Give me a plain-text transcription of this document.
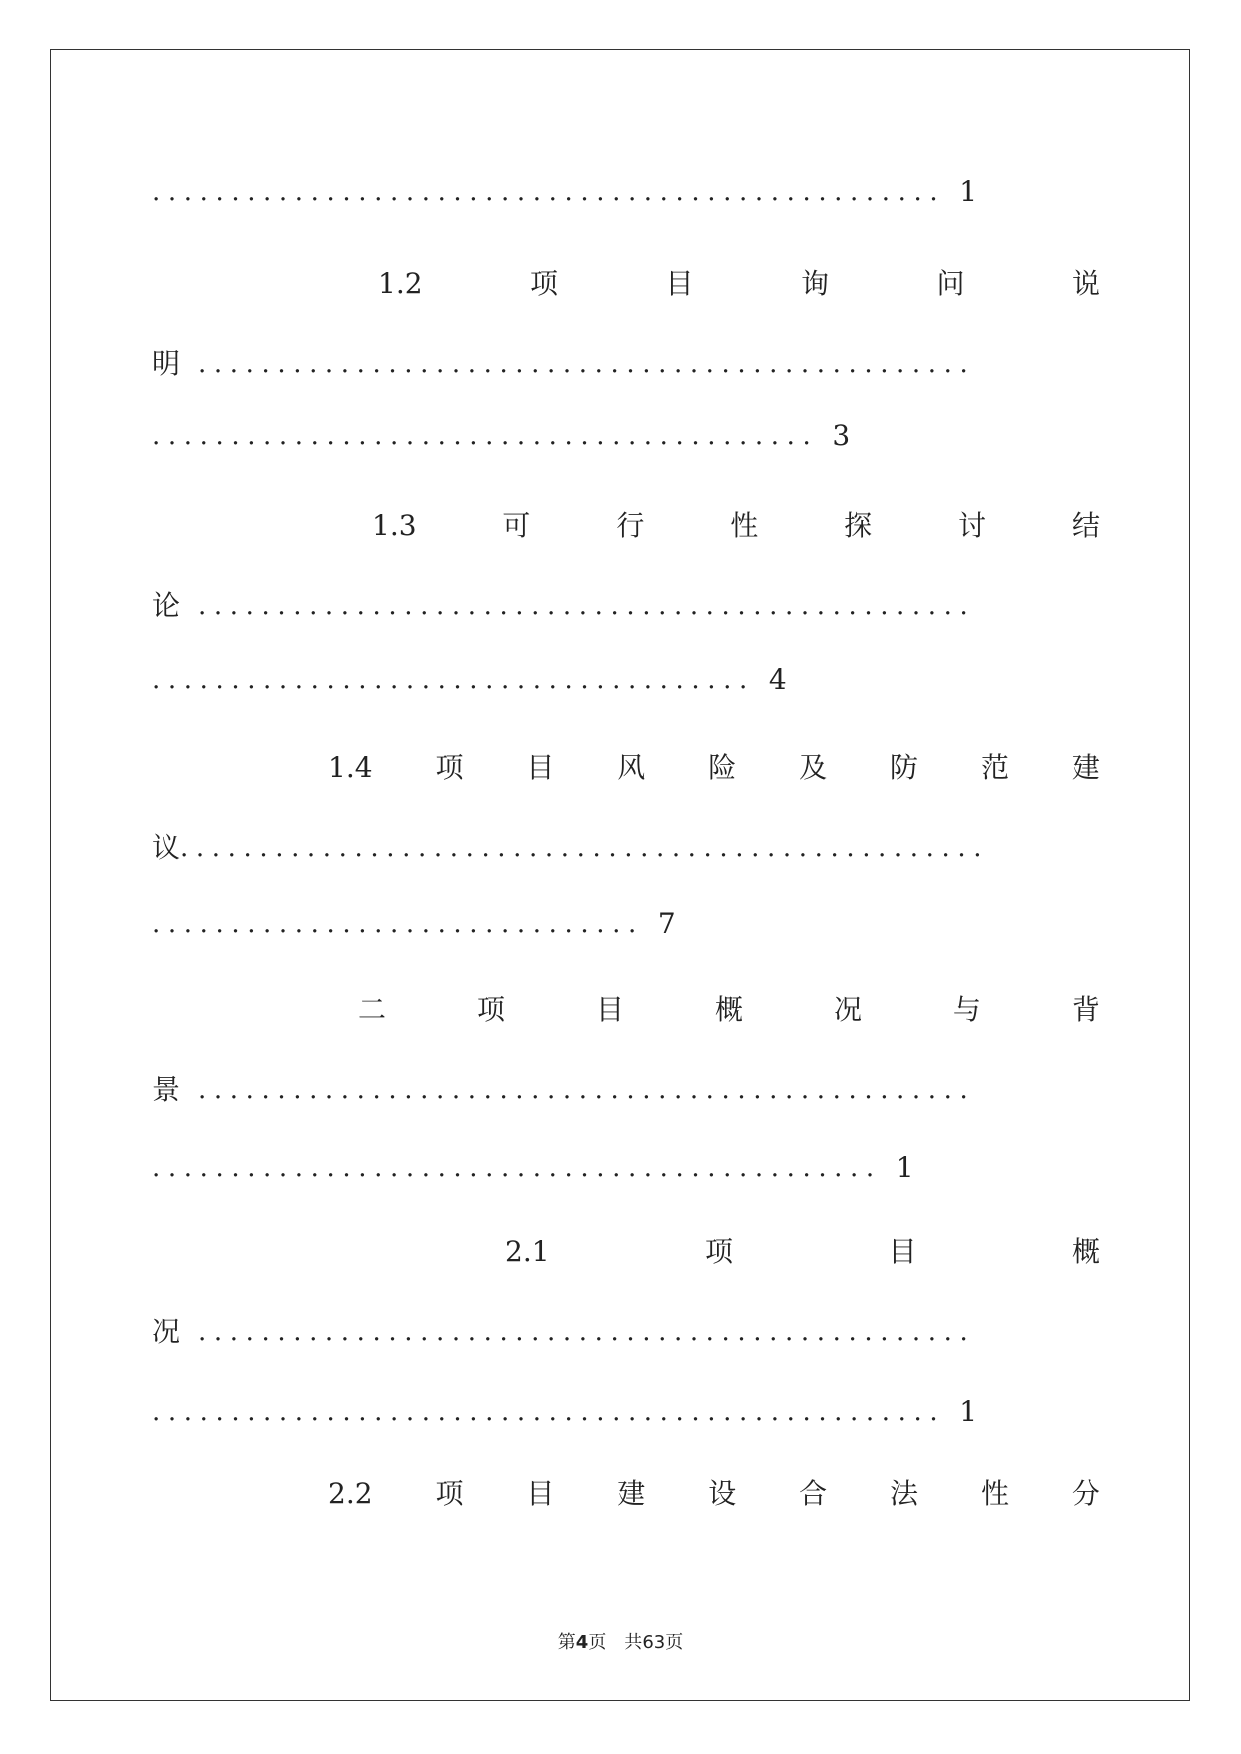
.................................................. 1
1.2	项	目	询	问	说
明 .................................................
.......................................... 3
1.3	可	行	性	探	讨	结
论 .................................................
...................................... 4
1.4 项 目 风 险 及 防 范 建
议 ...................................................
............................... 7
二	项	目	概	况	与	背
景 .................................................
.............................................. 1
2.1	项	目	概
况 .................................................
.................................................. 1
2.2 项 目 建 设 合 法 性 分
第4页　共63页
